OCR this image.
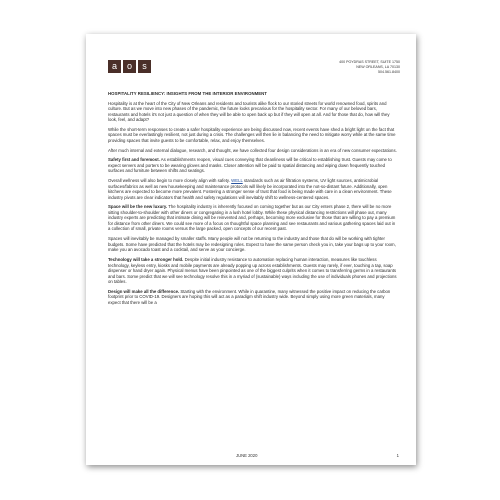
a	o	s	400 POYDRAS STREET, SUITE 1750
NEW ORLEANS, LA 70130
504.561.8400
HOSPITALITY RESILIENCY: INSIGHTS FROM THE INTERIOR ENVIRONMENT

Hospitality is at the heart of the City of New Orleans and residents and tourists alike flock to our storied streets for world renowned food, spirits and culture. But as we move into new phases of the pandemic, the future looks precarious for the hospitality sector. For many of our beloved bars, restaurants and hotels it's not just a question of when they will be able to open back up but if they will open at all. And for those that do, how will they look, feel, and adapt?

While the short-term responses to create a safer hospitality experience are being discussed now, recent events have shed a bright light on the fact that spaces must be everlastingly resilient, not just during a crisis. The challenges will then lie in balancing the need to mitigate worry while at the same time providing spaces that invite guests to be comfortable, relax, and enjoy themselves.

After much internal and external dialogue, research, and thought, we have collected four design considerations in an era of new consumer expectations.

Safety first and foremost. As establishments reopen, visual cues conveying that cleanliness will be critical to establishing trust. Guests may come to expect servers and porters to be wearing gloves and masks. Closer attention will be paid to spatial distancing and wiping down frequently touched surfaces and furniture between shifts and seatings.

Overall wellness will also begin to more closely align with safety. WELL standards such as air filtration systems, UV light sources, antimicrobial surfaces/fabrics as well as new housekeeping and maintenance protocols will likely be incorporated into the not-so-distant future. Additionally, open kitchens are expected to become more prevalent. Fostering a stronger sense of trust that food is being made with care in a clean environment. These industry pivots are clear indicators that health and safety regulations will inevitably shift to wellness-centered spaces.

Space will be the new luxury. The hospitality industry is inherently focused on coming together but as our City enters phase 2, there will be no more sitting shoulder-to-shoulder with other diners or congregating in a lush hotel lobby. While these physical distancing restrictions will phase out, many industry experts are predicting that intimate dining will be reinvented and, perhaps, becoming more exclusive for those that are willing to pay a premium for distance from other diners. We could see more of a focus on thoughtful space planning and see restaurants and various gathering spaces laid out in a collection of small, private rooms versus the large packed, open concepts of our recent past.

Spaces will inevitably be managed by smaller staffs. Many people will not be returning to the industry and those that do will be working with tighter budgets. Some have predicted that the hotels may be redesigning roles. Expect to have the same person check you in, take your bags up to your room, make you an avocado toast and a cocktail, and serve as your concierge.

Technology will take a stronger hold. Despite initial industry resistance to automation replacing human interaction, measures like touchless technology, keyless entry, kiosks and mobile payments are already popping up across establishments. Guests may rarely, if ever, touching a tap, soap dispenser or hand dryer again. Physical menus have been pinpointed as one of the biggest culprits when it comes to transferring germs in a restaurants and bars. Some predict that we will see technology resolve this in a myriad of (sustainable) ways including the use of individuals phones and projections on tables.

Design will make all the difference. Starting with the environment. While in quarantine, many witnessed the positive impact on reducing the carbon footprint prior to COVID-19. Designers are hoping this will act as a paradigm shift industry wide. Beyond simply using more green materials, many expect that there will be a

JUNE 2020	1
